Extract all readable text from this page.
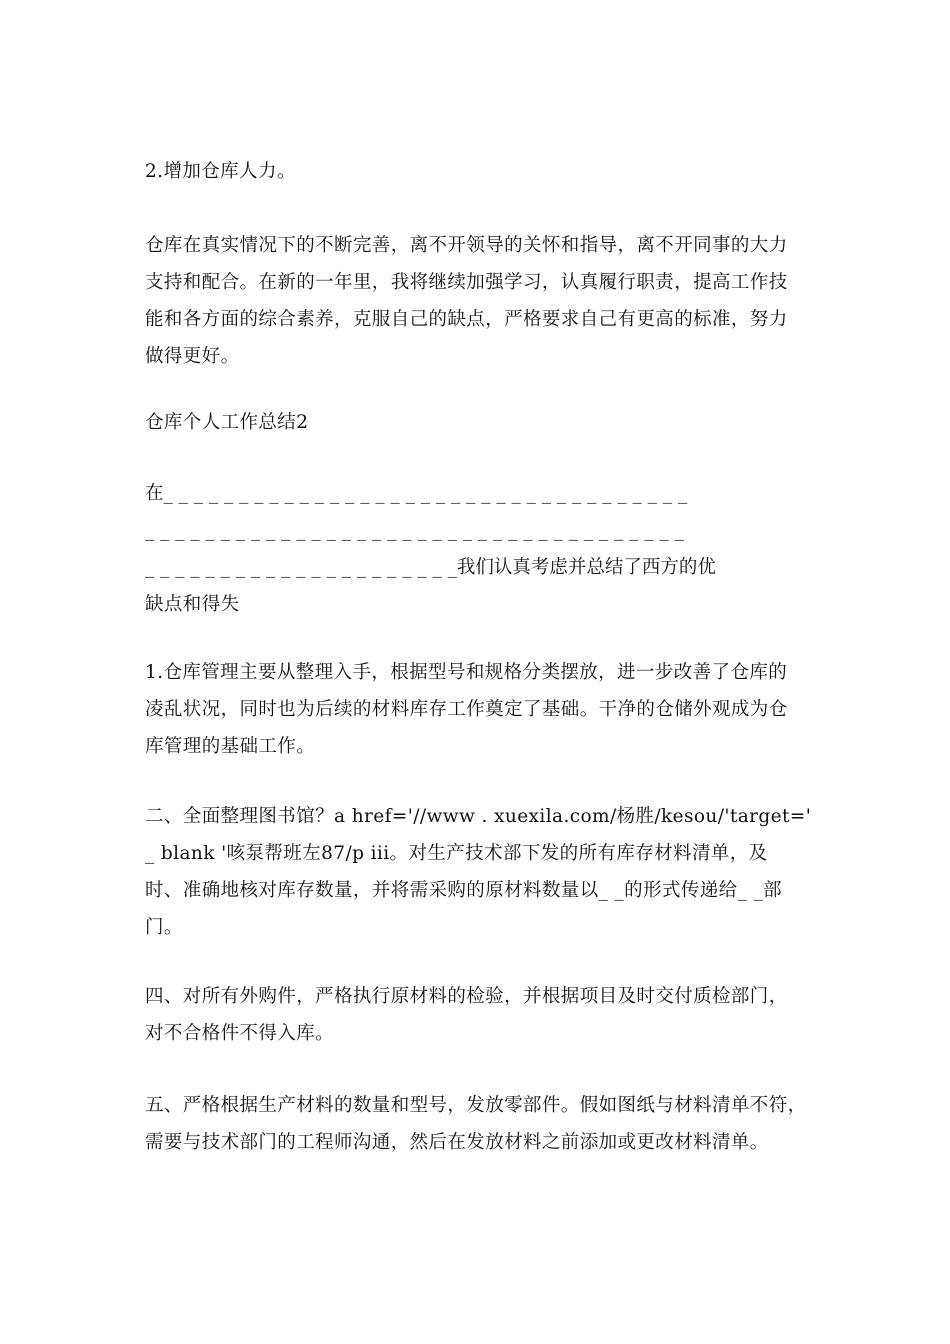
2.增加仓库人力。

仓库在真实情况下的不断完善，离不开领导的关怀和指导，离不开同事的大力
支持和配合。在新的一年里，我将继续加强学习，认真履行职责，提高工作技
能和各方面的综合素养，克服自己的缺点，严格要求自己有更高的标准，努力
做得更好。

仓库个人工作总结2

在_ _ _ _ _ _ _ _ _ _ _ _ _ _ _ _ _ _ _ _ _ _ _ _ _ _ _ _ _ _ _ _ _ _ _
_ _ _ _ _ _ _ _ _ _ _ _ _ _ _ _ _ _ _ _ _ _ _ _ _ _ _ _ _ _ _ _ _ _ _ _
_ _ _ _ _ _ _ _ _ _ _ _ _ _ _ _ _ _ _ _ _我们认真考虑并总结了西方的优
缺点和得失

1.仓库管理主要从整理入手，根据型号和规格分类摆放，进一步改善了仓库的
凌乱状况，同时也为后续的材料库存工作奠定了基础。干净的仓储外观成为仓
库管理的基础工作。

二、全面整理图书馆？a href='//www . xuexila.com/杨胜/kesou/'target='
_ blank '咳泵帮班左87/p iii。对生产技术部下发的所有库存材料清单，及
时、准确地核对库存数量，并将需采购的原材料数量以_ _的形式传递给_ _部
门。

四、对所有外购件，严格执行原材料的检验，并根据项目及时交付质检部门，
对不合格件不得入库。

五、严格根据生产材料的数量和型号，发放零部件。假如图纸与材料清单不符，
需要与技术部门的工程师沟通，然后在发放材料之前添加或更改材料清单。
